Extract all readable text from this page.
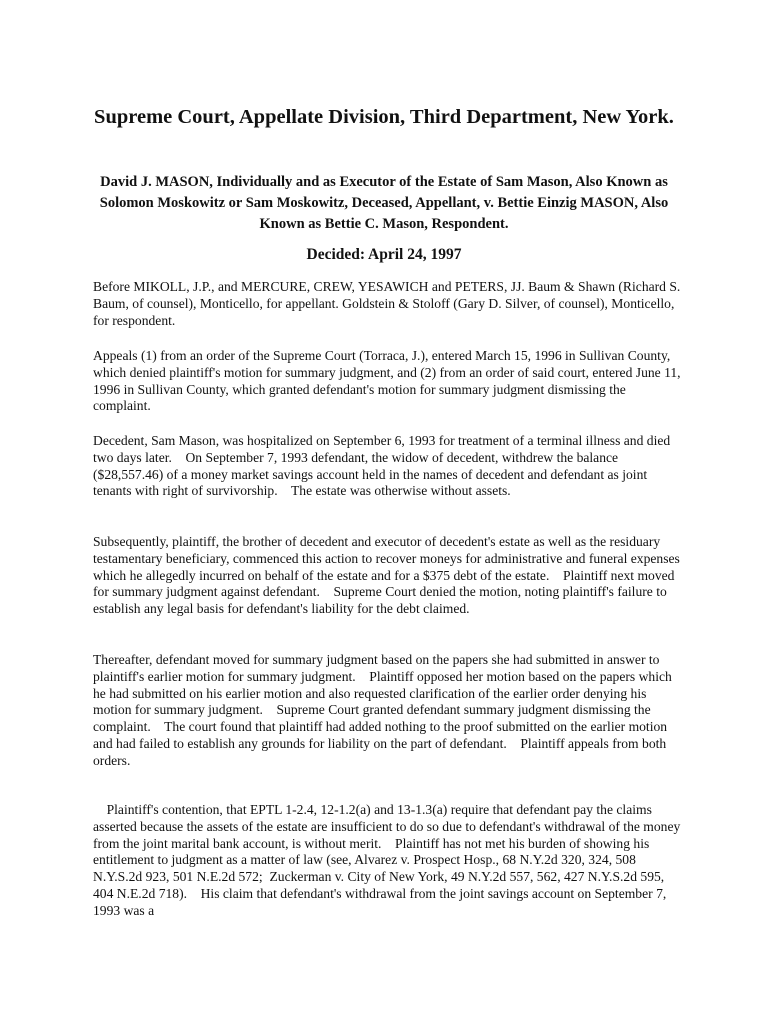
Supreme Court, Appellate Division, Third Department, New York.
David J. MASON, Individually and as Executor of the Estate of Sam Mason, Also Known as Solomon Moskowitz or Sam Moskowitz, Deceased, Appellant, v. Bettie Einzig MASON, Also Known as Bettie C. Mason, Respondent.
Decided: April 24, 1997

Before MIKOLL, J.P., and MERCURE, CREW, YESAWICH and PETERS, JJ. Baum & Shawn (Richard S. Baum, of counsel), Monticello, for appellant. Goldstein & Stoloff (Gary D. Silver, of counsel), Monticello, for respondent.

Appeals (1) from an order of the Supreme Court (Torraca, J.), entered March 15, 1996 in Sullivan County, which denied plaintiff's motion for summary judgment, and (2) from an order of said court, entered June 11, 1996 in Sullivan County, which granted defendant's motion for summary judgment dismissing the complaint.

Decedent, Sam Mason, was hospitalized on September 6, 1993 for treatment of a terminal illness and died two days later.    On September 7, 1993 defendant, the widow of decedent, withdrew the balance ($28,557.46) of a money market savings account held in the names of decedent and defendant as joint tenants with right of survivorship.    The estate was otherwise without assets.

Subsequently, plaintiff, the brother of decedent and executor of decedent's estate as well as the residuary testamentary beneficiary, commenced this action to recover moneys for administrative and funeral expenses which he allegedly incurred on behalf of the estate and for a $375 debt of the estate.    Plaintiff next moved for summary judgment against defendant.    Supreme Court denied the motion, noting plaintiff's failure to establish any legal basis for defendant's liability for the debt claimed.

Thereafter, defendant moved for summary judgment based on the papers she had submitted in answer to plaintiff's earlier motion for summary judgment.    Plaintiff opposed her motion based on the papers which he had submitted on his earlier motion and also requested clarification of the earlier order denying his motion for summary judgment.    Supreme Court granted defendant summary judgment dismissing the complaint.    The court found that plaintiff had added nothing to the proof submitted on the earlier motion and had failed to establish any grounds for liability on the part of defendant.    Plaintiff appeals from both orders.

Plaintiff's contention, that EPTL 1-2.4, 12-1.2(a) and 13-1.3(a) require that defendant pay the claims asserted because the assets of the estate are insufficient to do so due to defendant's withdrawal of the money from the joint marital bank account, is without merit.    Plaintiff has not met his burden of showing his entitlement to judgment as a matter of law (see, Alvarez v. Prospect Hosp., 68 N.Y.2d 320, 324, 508 N.Y.S.2d 923, 501 N.E.2d 572;  Zuckerman v. City of New York, 49 N.Y.2d 557, 562, 427 N.Y.S.2d 595, 404 N.E.2d 718).    His claim that defendant's withdrawal from the joint savings account on September 7, 1993 was a
